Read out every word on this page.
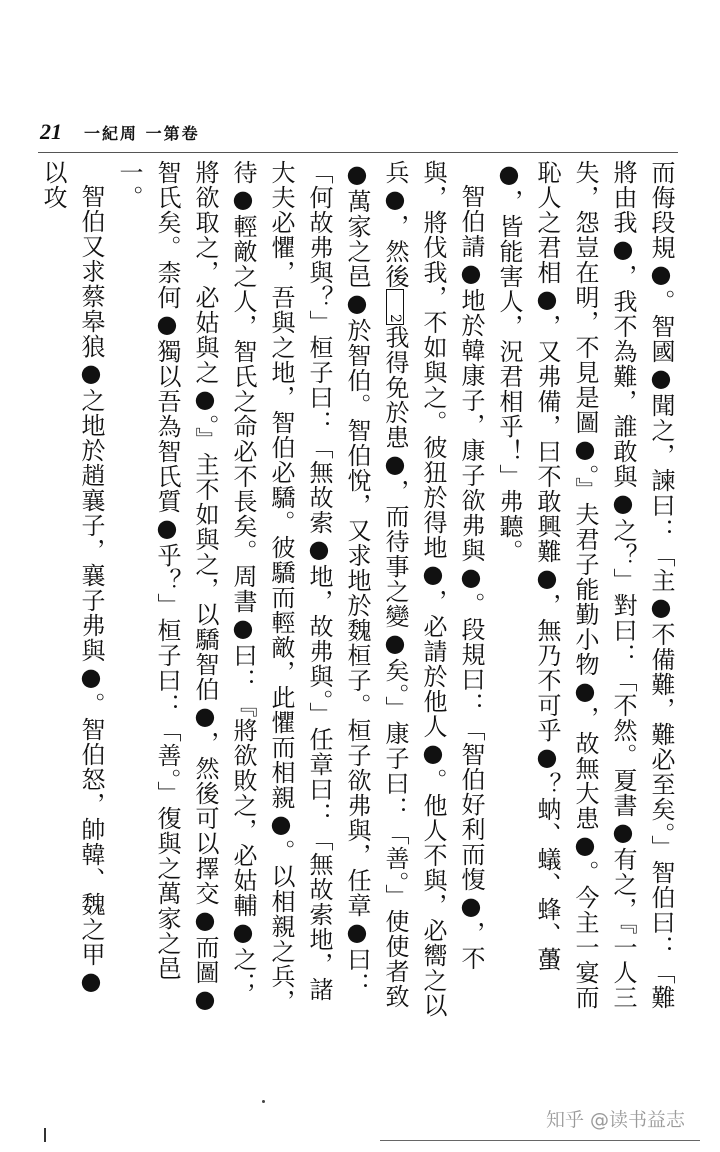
21 一紀周 一第卷

而侮段規●。智國●聞之，諫曰：「主●不備難，難必至矣。」智伯曰：「難將由我●，我不為難，誰敢與●之？」對曰：「不然。夏書●有之，『一人三失，怨豈在明，不見是圖●。』夫君子能勤小物●，故無大患●。今主一宴而恥人之君相●，又弗備，曰不敢興難●，無乃不可乎●？蚋、蟻、蜂、蠆●，皆能害人，況君相乎！」弗聽。

智伯請●地於韓康子，康子欲弗與●。段規曰：「智伯好利而愎●，不與，將伐我，不如與之。彼狃於得地●，必請於他人●。他人不與，必嚮之以兵●，然後2我得免於患●，而待事之變●矣。」康子曰：「善。」使使者致●萬家之邑●於智伯。智伯悅，又求地於魏桓子。桓子欲弗與，任章●曰：「何故弗與？」桓子曰：「無故索●地，故弗與。」任章曰：「無故索地，諸大夫必懼，吾與之地，智伯必驕。彼驕而輕敵，此懼而相親●。以相親之兵，待●輕敵之人，智氏之命必不長矣。周書●曰：『將欲敗之，必姑輔●之；將欲取之，必姑與之●。』主不如與之，以驕智伯●，然後可以擇交●而圖●智氏矣。柰何●獨以吾為智氏質●乎？」桓子曰：「善。」復與之萬家之邑一。

智伯又求蔡皋狼●之地於趙襄子，襄子弗與●。智伯怒，帥韓、魏之甲●以攻

知乎 @读书益志
